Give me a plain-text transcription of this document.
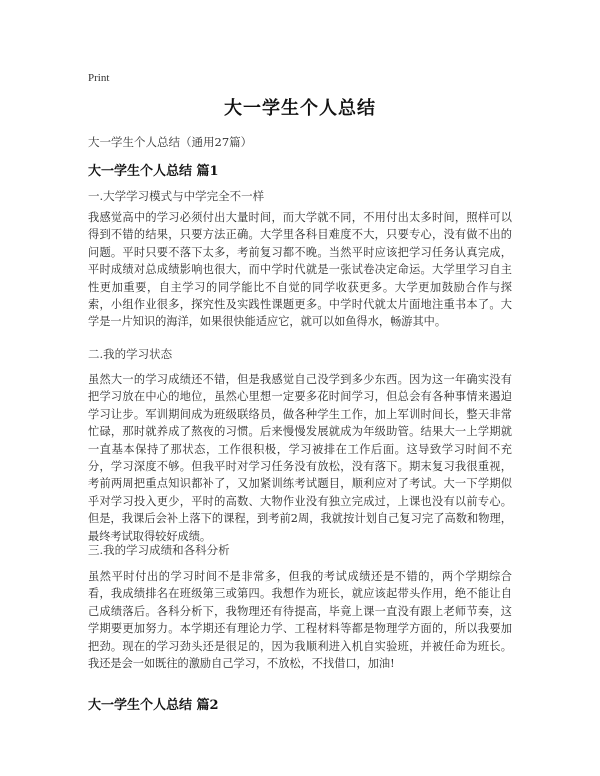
Print
大一学生个人总结
大一学生个人总结（通用27篇）
大一学生个人总结 篇1
一.大学学习模式与中学完全不一样
我感觉高中的学习必须付出大量时间，而大学就不同，不用付出太多时间，照样可以得到不错的结果，只要方法正确。大学里各科目难度不大，只要专心，没有做不出的问题。平时只要不落下太多，考前复习都不晚。当然平时应该把学习任务认真完成，平时成绩对总成绩影响也很大，而中学时代就是一张试卷决定命运。大学里学习自主性更加重要，自主学习的同学能比不自觉的同学收获更多。大学更加鼓励合作与探索，小组作业很多，探究性及实践性课题更多。中学时代就太片面地注重书本了。大学是一片知识的海洋，如果很快能适应它，就可以如鱼得水，畅游其中。
二.我的学习状态
虽然大一的学习成绩还不错，但是我感觉自己没学到多少东西。因为这一年确实没有把学习放在中心的地位，虽然心里想一定要多花时间学习，但总会有各种事情来遏迫学习让步。军训期间成为班级联络员，做各种学生工作，加上军训时间长，整天非常忙碌，那时就养成了熬夜的习惯。后来慢慢发展就成为年级助管。结果大一上学期就一直基本保持了那状态，工作很积极，学习被排在工作后面。这导致学习时间不充分，学习深度不够。但我平时对学习任务没有放松，没有落下。期末复习我很重视，考前两周把重点知识都补了，又加紧训练考试题目，顺利应对了考试。大一下学期似乎对学习投入更少，平时的高数、大物作业没有独立完成过，上课也没有以前专心。但是，我课后会补上落下的课程，到考前2周，我就按计划自己复习完了高数和物理，最终考试取得较好成绩。
三.我的学习成绩和各科分析
虽然平时付出的学习时间不是非常多，但我的考试成绩还是不错的，两个学期综合看，我成绩排名在班级第三或第四。我想作为班长，就应该起带头作用，绝不能让自己成绩落后。各科分析下，我物理还有待提高，毕竟上课一直没有跟上老师节奏，这学期要更加努力。本学期还有理论力学、工程材料等都是物理学方面的，所以我要加把劲。现在的学习劲头还是很足的，因为我顺利进入机自实验班，并被任命为班长。我还是会一如既往的激励自己学习，不放松，不找借口，加油!
大一学生个人总结 篇2
